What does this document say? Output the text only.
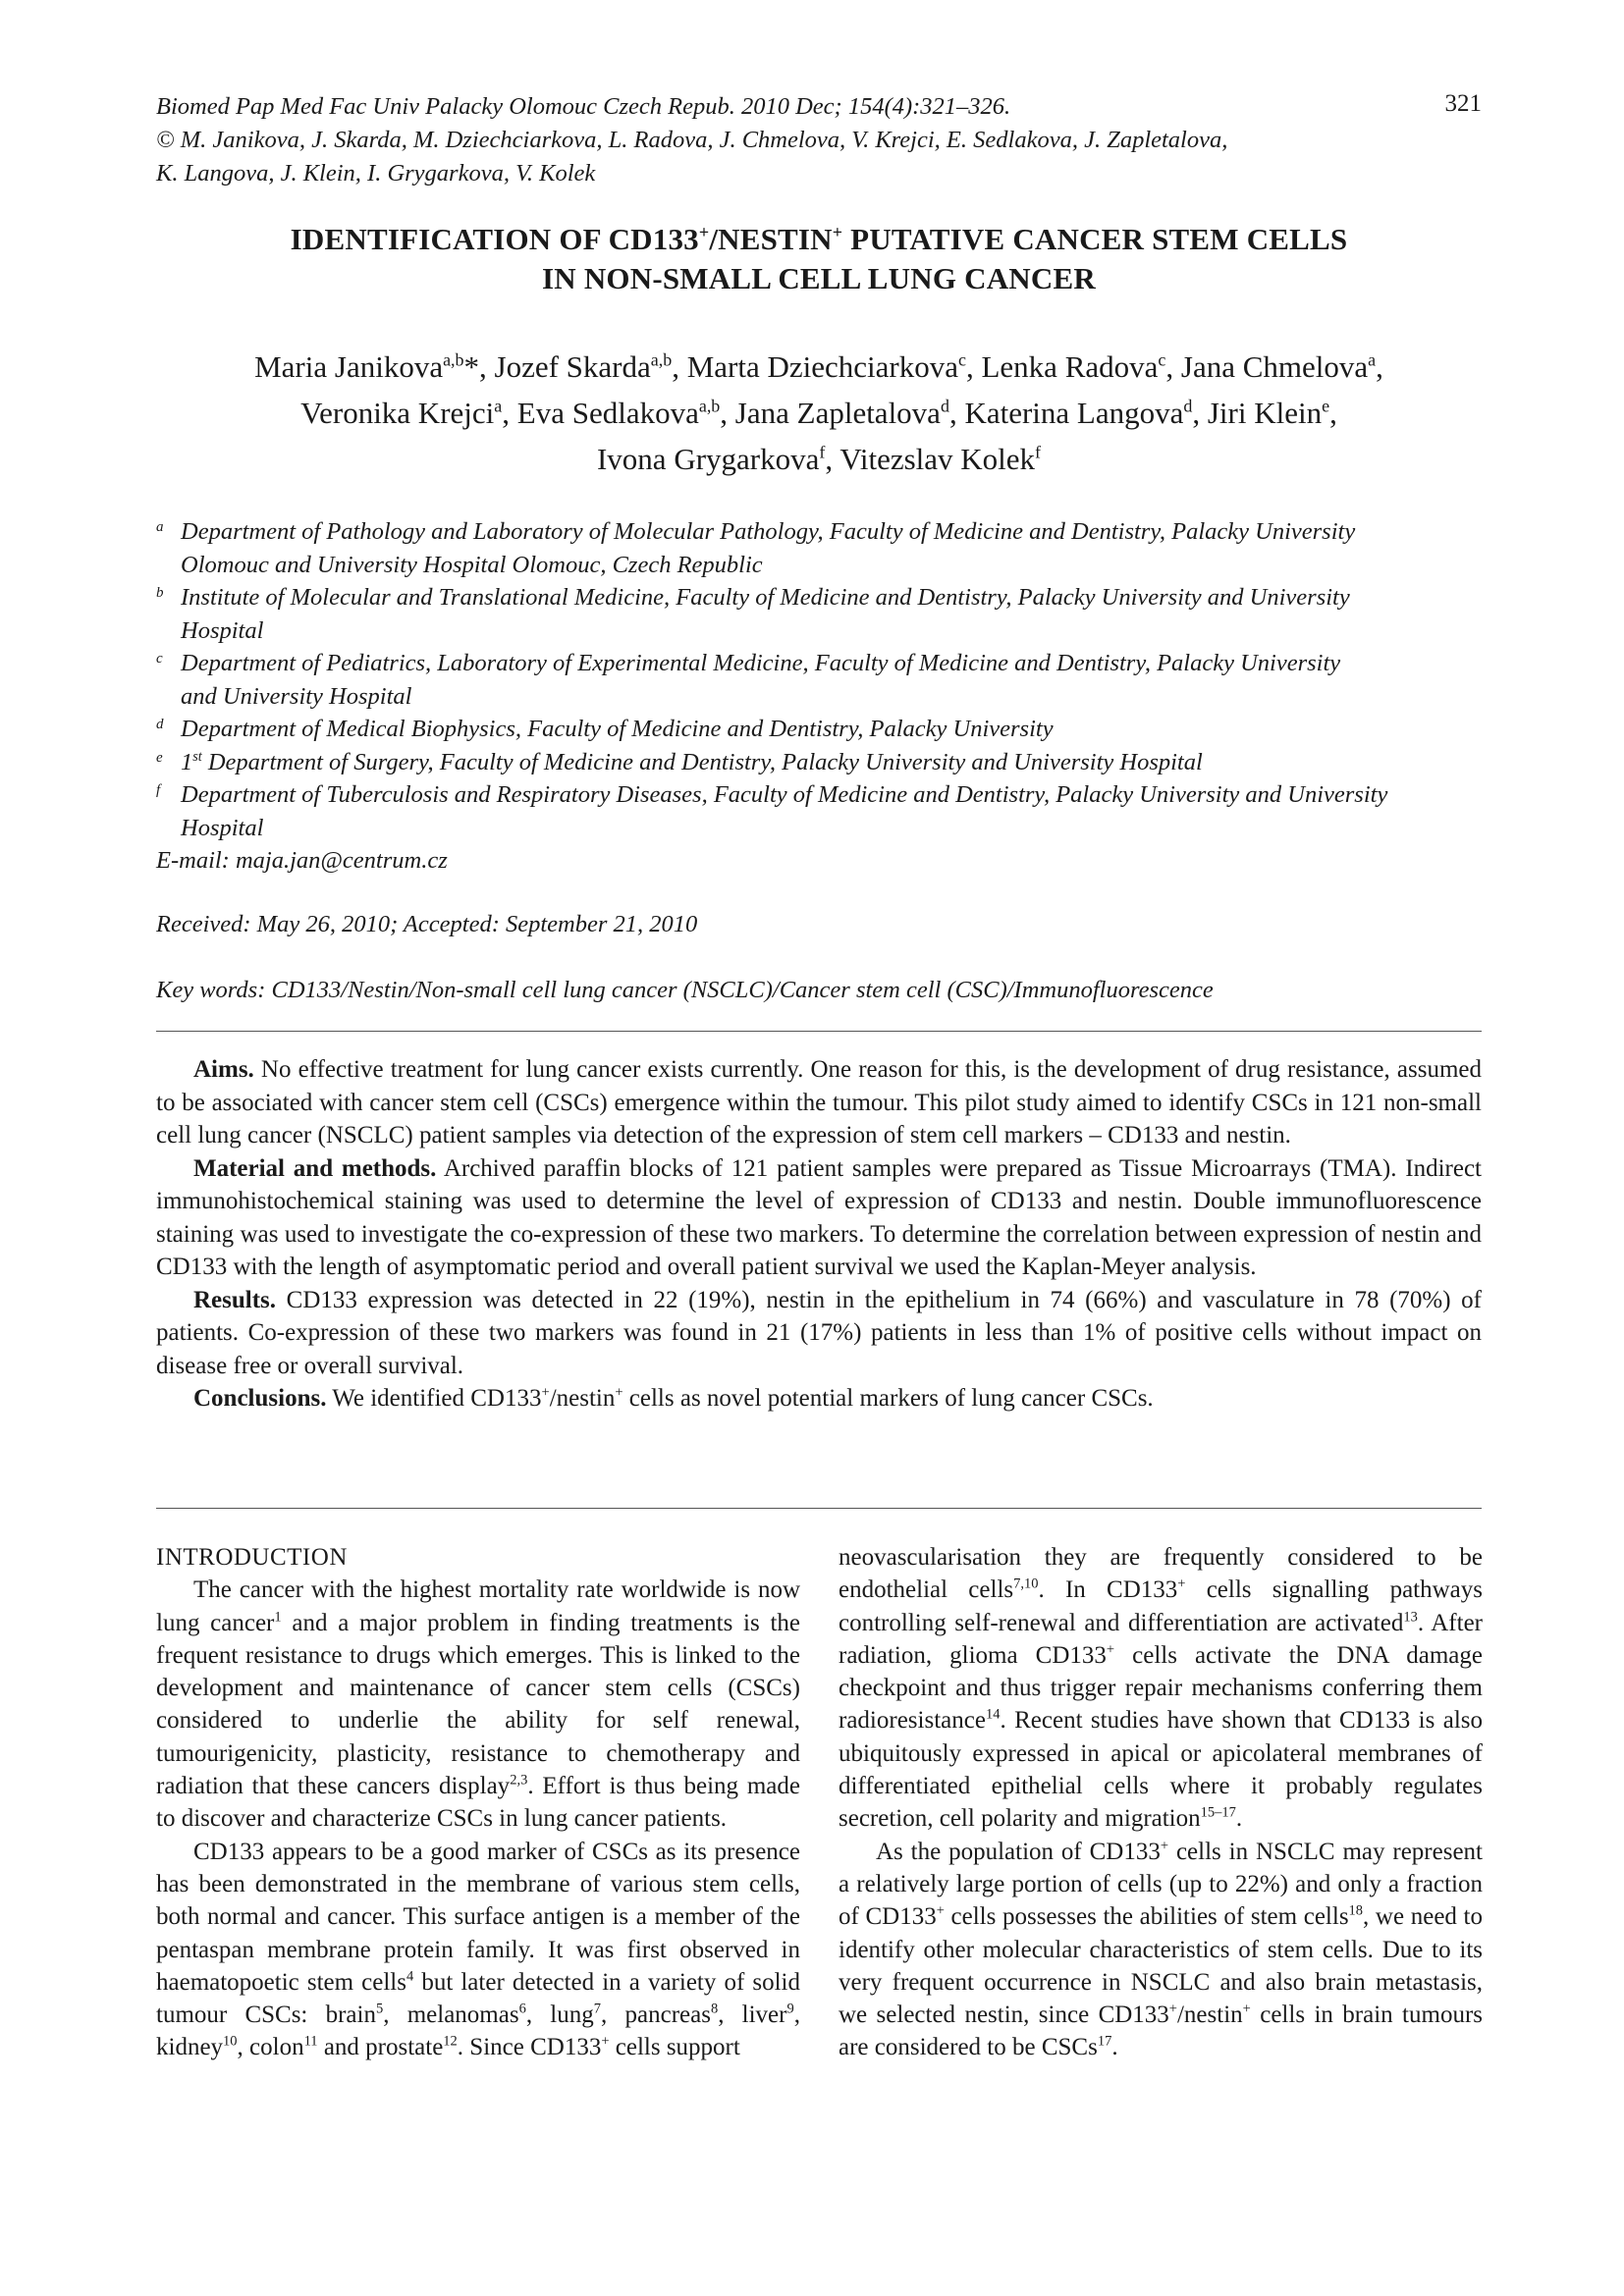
Biomed Pap Med Fac Univ Palacky Olomouc Czech Repub. 2010 Dec; 154(4):321–326.
© M. Janikova, J. Skarda, M. Dziechciarkova, L. Radova, J. Chmelova, V. Krejci, E. Sedlakova, J. Zapletalova,
K. Langova, J. Klein, I. Grygarkova, V. Kolek
321
IDENTIFICATION OF CD133+/NESTIN+ PUTATIVE CANCER STEM CELLS
IN NON-SMALL CELL LUNG CANCER
Maria Janikova$^{a,b}$*, Jozef Skarda$^{a,b}$, Marta Dziechciarkova$^c$, Lenka Radova$^c$, Jana Chmelova$^a$,
Veronika Krejci$^a$, Eva Sedlakova$^{a,b}$, Jana Zapletalova$^d$, Katerina Langova$^d$, Jiri Klein$^e$,
Ivona Grygarkova$^f$, Vitezslav Kolek$^f$
a Department of Pathology and Laboratory of Molecular Pathology, Faculty of Medicine and Dentistry, Palacky University
Olomouc and University Hospital Olomouc, Czech Republic
b Institute of Molecular and Translational Medicine, Faculty of Medicine and Dentistry, Palacky University and University
Hospital
c Department of Pediatrics, Laboratory of Experimental Medicine, Faculty of Medicine and Dentistry, Palacky University
and University Hospital
d Department of Medical Biophysics, Faculty of Medicine and Dentistry, Palacky University
e 1st Department of Surgery, Faculty of Medicine and Dentistry, Palacky University and University Hospital
f Department of Tuberculosis and Respiratory Diseases, Faculty of Medicine and Dentistry, Palacky University and University
Hospital
E-mail: maja.jan@centrum.cz
Received: May 26, 2010; Accepted: September 21, 2010
Key words: CD133/Nestin/Non-small cell lung cancer (NSCLC)/Cancer stem cell (CSC)/Immunofluorescence

Aims. No effective treatment for lung cancer exists currently. One reason for this, is the development of drug resistance, assumed to be associated with cancer stem cell (CSCs) emergence within the tumour. This pilot study aimed to identify CSCs in 121 non-small cell lung cancer (NSCLC) patient samples via detection of the expression of stem cell markers – CD133 and nestin.

Material and methods. Archived paraffin blocks of 121 patient samples were prepared as Tissue Microarrays (TMA). Indirect immunohistochemical staining was used to determine the level of expression of CD133 and nestin. Double immunofluorescence staining was used to investigate the co-expression of these two markers. To determine the correlation between expression of nestin and CD133 with the length of asymptomatic period and overall patient survival we used the Kaplan-Meyer analysis.

Results. CD133 expression was detected in 22 (19%), nestin in the epithelium in 74 (66%) and vasculature in 78 (70%) of patients. Co-expression of these two markers was found in 21 (17%) patients in less than 1% of positive cells without impact on disease free or overall survival.

Conclusions. We identified CD133+/nestin+ cells as novel potential markers of lung cancer CSCs.

INTRODUCTION

The cancer with the highest mortality rate worldwide is now lung cancer$^1$ and a major problem in finding treatments is the frequent resistance to drugs which emerges. This is linked to the development and maintenance of cancer stem cells (CSCs) considered to underlie the ability for self renewal, tumourigenicity, plasticity, resistance to chemotherapy and radiation that these cancers display$^{2,3}$. Effort is thus being made to discover and characterize CSCs in lung cancer patients.

CD133 appears to be a good marker of CSCs as its presence has been demonstrated in the membrane of various stem cells, both normal and cancer. This surface antigen is a member of the pentaspan membrane protein family. It was first observed in haematopoetic stem cells$^4$ but later detected in a variety of solid tumour CSCs: brain$^5$, melanomas$^6$, lung$^7$, pancreas$^8$, liver$^9$, kidney$^{10}$, colon$^{11}$ and prostate$^{12}$. Since CD133+ cells support

neovascularisation they are frequently considered to be endothelial cells$^{7,10}$. In CD133+ cells signalling pathways controlling self-renewal and differentiation are activated$^{13}$. After radiation, glioma CD133+ cells activate the DNA damage checkpoint and thus trigger repair mechanisms conferring them radioresistance$^{14}$. Recent studies have shown that CD133 is also ubiquitously expressed in apical or apicolateral membranes of differentiated epithelial cells where it probably regulates secretion, cell polarity and migration$^{15-17}$.

As the population of CD133+ cells in NSCLC may represent a relatively large portion of cells (up to 22%) and only a fraction of CD133+ cells possesses the abilities of stem cells$^{18}$, we need to identify other molecular characteristics of stem cells. Due to its very frequent occurrence in NSCLC and also brain metastasis, we selected nestin, since CD133+/nestin+ cells in brain tumours are considered to be CSCs$^{17}$.
